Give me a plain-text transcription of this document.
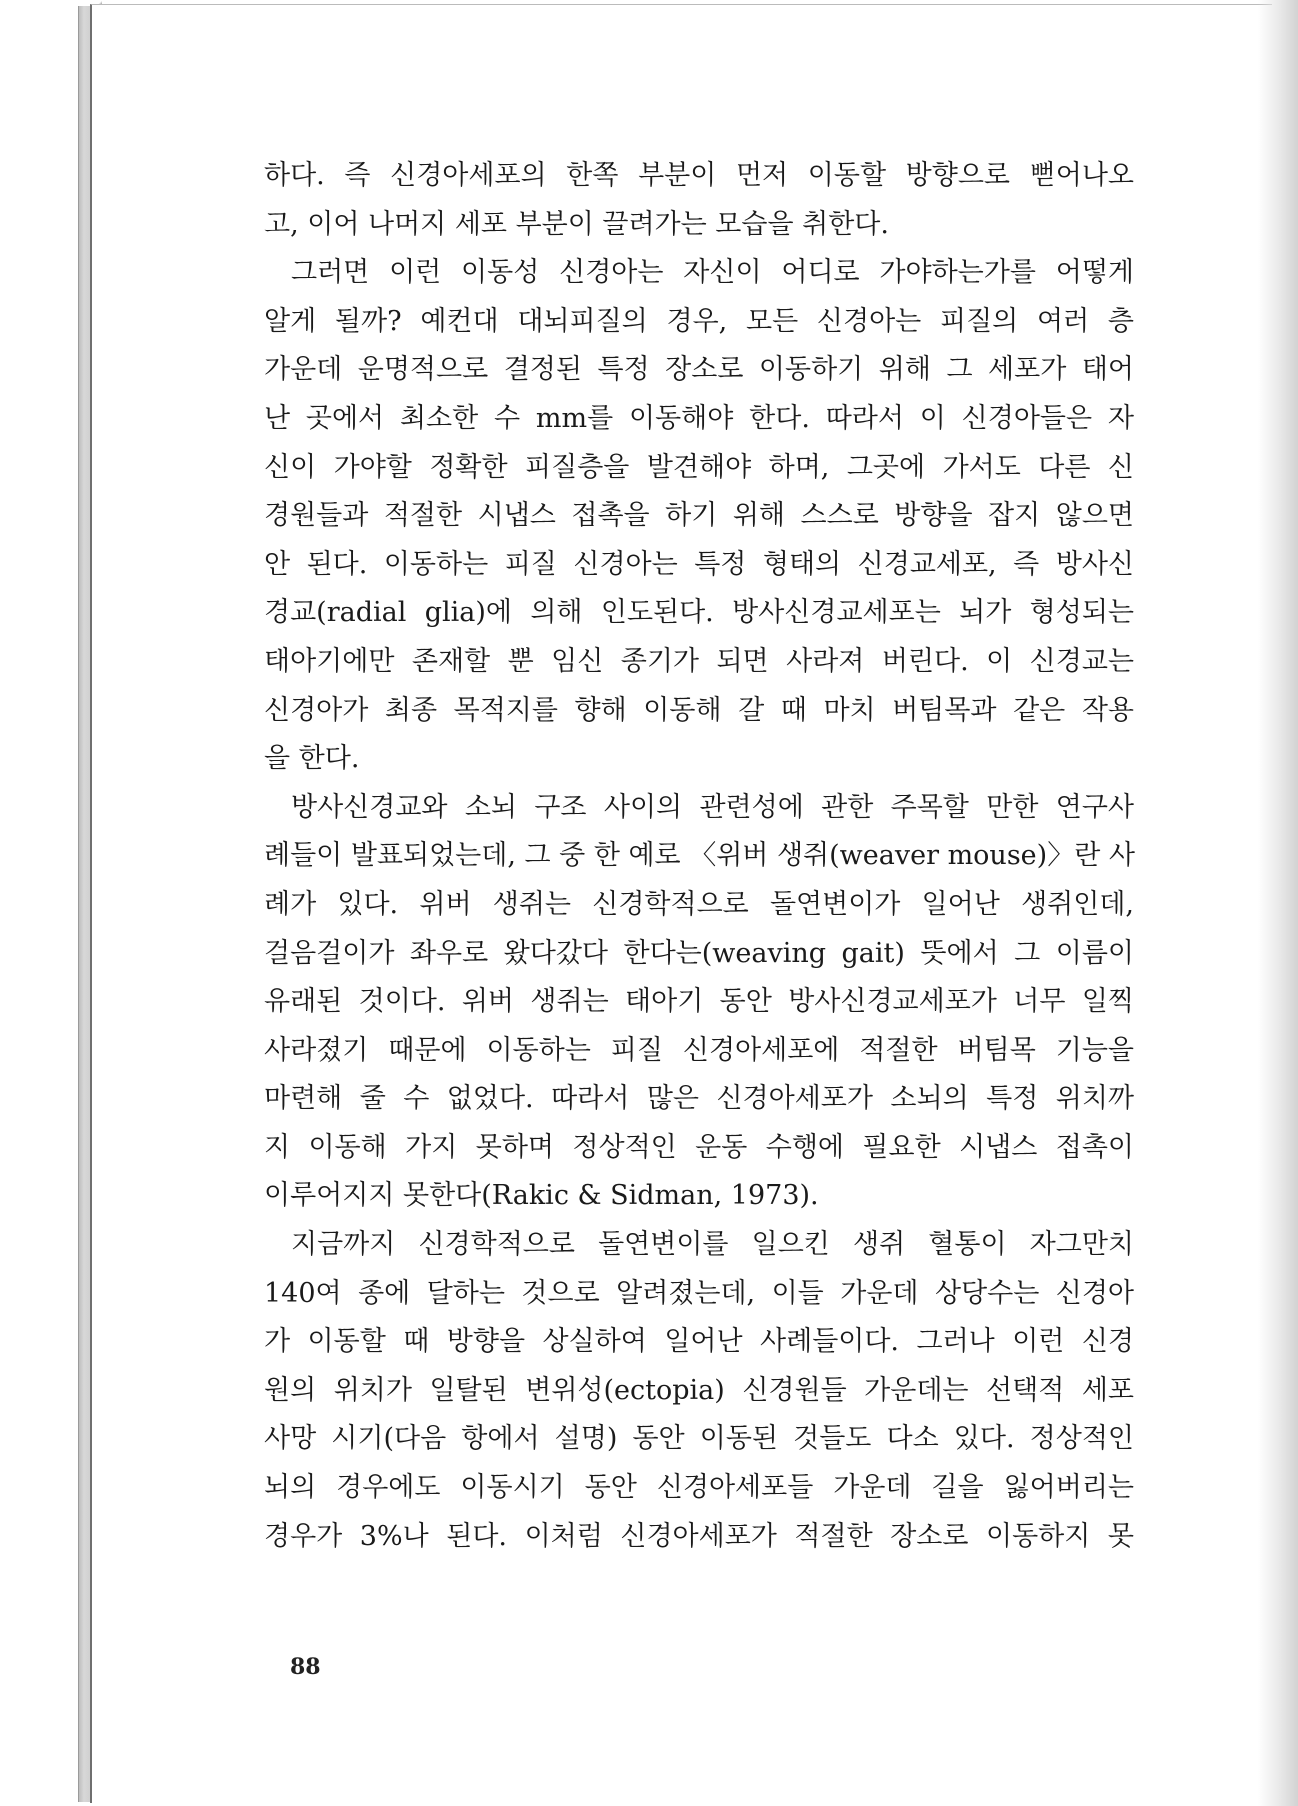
하다. 즉 신경아세포의 한쪽 부분이 먼저 이동할 방향으로 뻗어나오
고, 이어 나머지 세포 부분이 끌려가는 모습을 취한다.
그러면 이런 이동성 신경아는 자신이 어디로 가야하는가를 어떻게
알게 될까? 예컨대 대뇌피질의 경우, 모든 신경아는 피질의 여러 층
가운데 운명적으로 결정된 특정 장소로 이동하기 위해 그 세포가 태어
난 곳에서 최소한 수 mm를 이동해야 한다. 따라서 이 신경아들은 자
신이 가야할 정확한 피질층을 발견해야 하며, 그곳에 가서도 다른 신
경원들과 적절한 시냅스 접촉을 하기 위해 스스로 방향을 잡지 않으면
안 된다. 이동하는 피질 신경아는 특정 형태의 신경교세포, 즉 방사신
경교(radial glia)에 의해 인도된다. 방사신경교세포는 뇌가 형성되는
태아기에만 존재할 뿐 임신 종기가 되면 사라져 버린다. 이 신경교는
신경아가 최종 목적지를 향해 이동해 갈 때 마치 버팀목과 같은 작용
을 한다.
방사신경교와 소뇌 구조 사이의 관련성에 관한 주목할 만한 연구사
례들이 발표되었는데, 그 중 한 예로 〈위버 생쥐(weaver mouse)〉란 사
례가 있다. 위버 생쥐는 신경학적으로 돌연변이가 일어난 생쥐인데,
걸음걸이가 좌우로 왔다갔다 한다는(weaving gait) 뜻에서 그 이름이
유래된 것이다. 위버 생쥐는 태아기 동안 방사신경교세포가 너무 일찍
사라졌기 때문에 이동하는 피질 신경아세포에 적절한 버팀목 기능을
마련해 줄 수 없었다. 따라서 많은 신경아세포가 소뇌의 특정 위치까
지 이동해 가지 못하며 정상적인 운동 수행에 필요한 시냅스 접촉이
이루어지지 못한다(Rakic & Sidman, 1973).
지금까지 신경학적으로 돌연변이를 일으킨 생쥐 혈통이 자그만치
140여 종에 달하는 것으로 알려졌는데, 이들 가운데 상당수는 신경아
가 이동할 때 방향을 상실하여 일어난 사례들이다. 그러나 이런 신경
원의 위치가 일탈된 변위성(ectopia) 신경원들 가운데는 선택적 세포
사망 시기(다음 항에서 설명) 동안 이동된 것들도 다소 있다. 정상적인
뇌의 경우에도 이동시기 동안 신경아세포들 가운데 길을 잃어버리는
경우가 3%나 된다. 이처럼 신경아세포가 적절한 장소로 이동하지 못
88
